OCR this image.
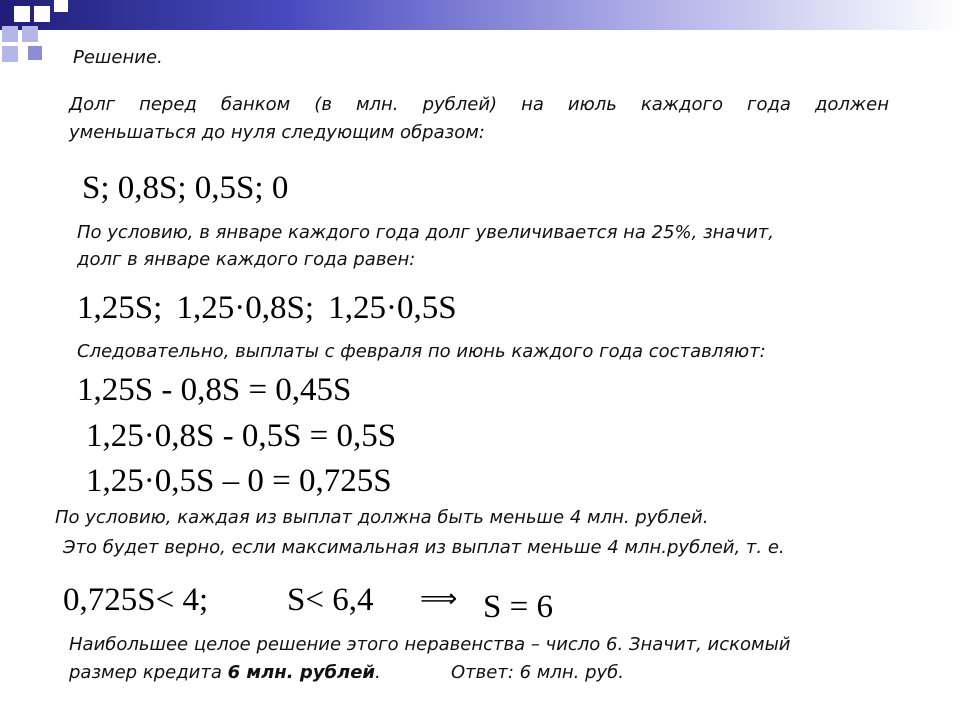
Решение.
Долг перед банком (в млн. рублей) на июль каждого года должен
уменьшаться до нуля следующим образом:
S; 0,8S; 0,5S; 0
По условию, в январе каждого года долг увеличивается на 25%, значит,
долг в январе каждого года равен:
1,25S; 1,25·0,8S; 1,25·0,5S
Следовательно, выплаты с февраля по июнь каждого года составляют:
1,25S - 0,8S = 0,45S
1,25·0,8S - 0,5S = 0,5S
1,25·0,5S – 0 = 0,725S
По условию, каждая из выплат должна быть меньше 4 млн. рублей.
Это будет верно, если максимальная из выплат меньше 4 млн.рублей, т. е.
0,725S< 4; S< 6,4 ⟹ S = 6
Наибольшее целое решение этого неравенства – число 6. Значит, искомый
размер кредита 6 млн. рублей.	Ответ: 6 млн. руб.
